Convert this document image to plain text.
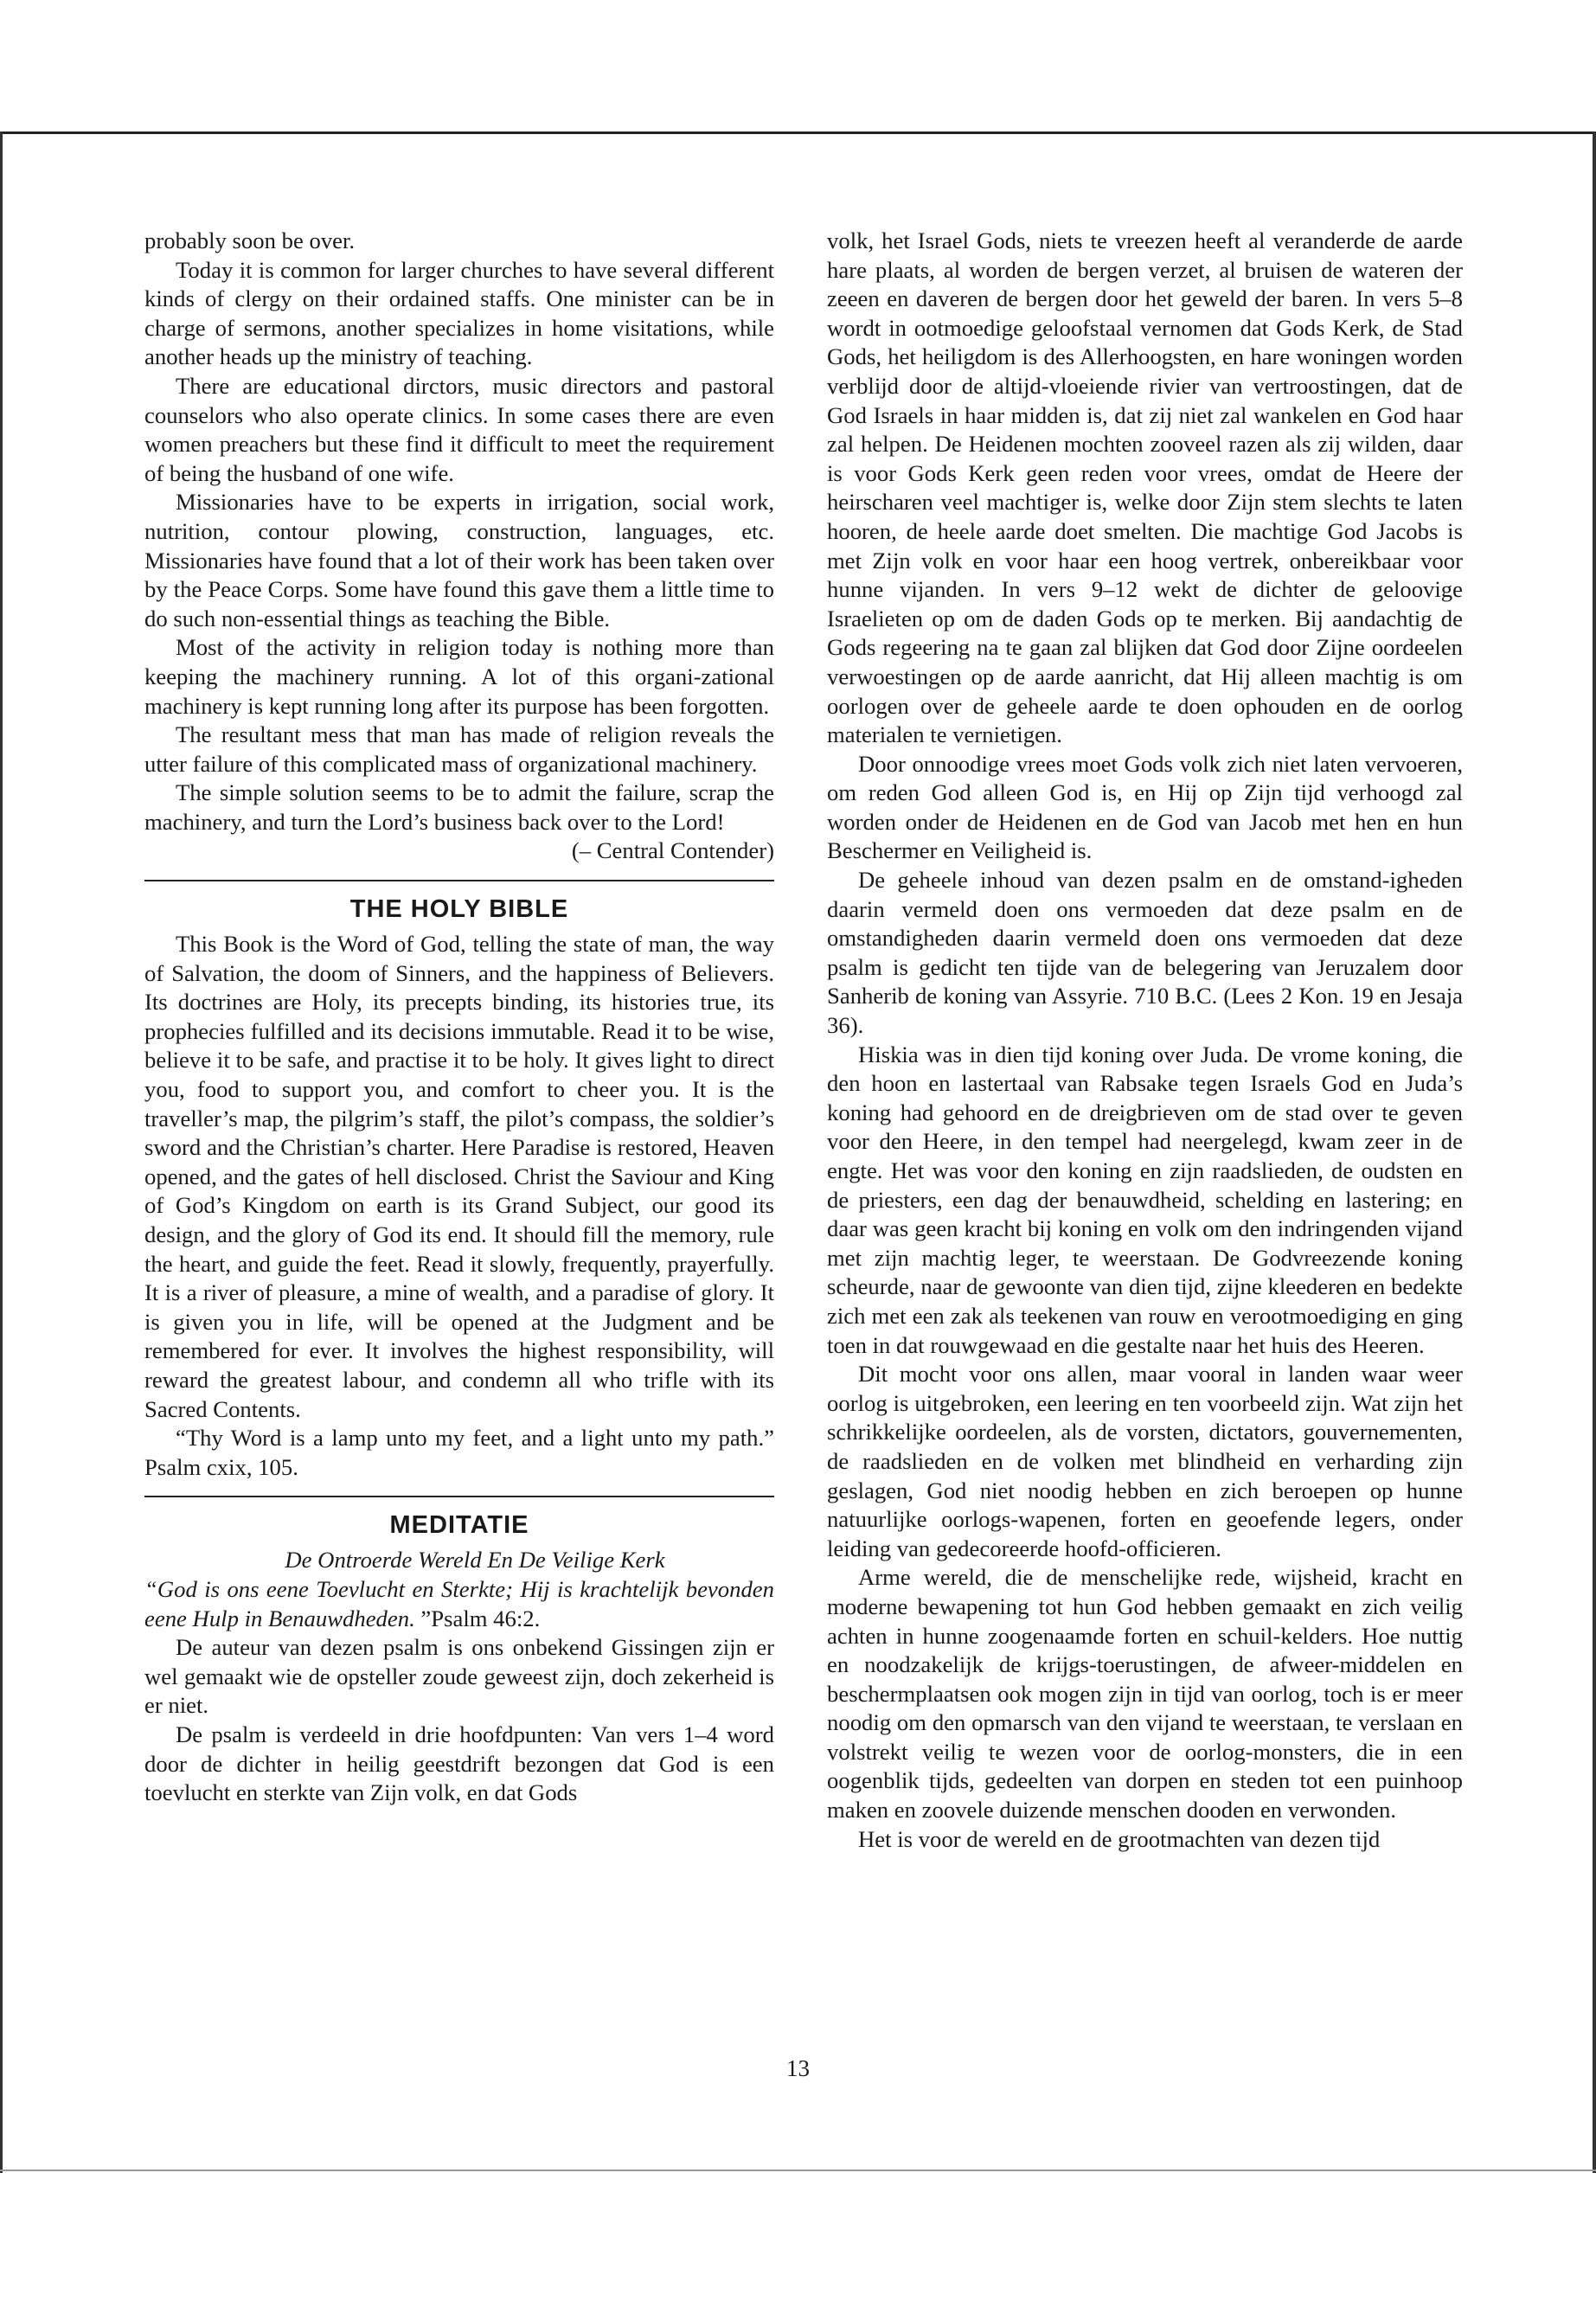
probably soon be over.

Today it is common for larger churches to have several different kinds of clergy on their ordained staffs. One minister can be in charge of sermons, another specializes in home visitations, while another heads up the ministry of teaching.

There are educational dirctors, music directors and pastoral counselors who also operate clinics. In some cases there are even women preachers but these find it difficult to meet the requirement of being the husband of one wife.

Missionaries have to be experts in irrigation, social work, nutrition, contour plowing, construction, languages, etc. Missionaries have found that a lot of their work has been taken over by the Peace Corps. Some have found this gave them a little time to do such non-essential things as teaching the Bible.

Most of the activity in religion today is nothing more than keeping the machinery running. A lot of this organi-zational machinery is kept running long after its purpose has been forgotten.

The resultant mess that man has made of religion reveals the utter failure of this complicated mass of organizational machinery.

The simple solution seems to be to admit the failure, scrap the machinery, and turn the Lord’s business back over to the Lord!

(– Central Contender)

THE HOLY BIBLE

This Book is the Word of God, telling the state of man, the way of Salvation, the doom of Sinners, and the happiness of Believers. Its doctrines are Holy, its precepts binding, its histories true, its prophecies fulfilled and its decisions immutable. Read it to be wise, believe it to be safe, and practise it to be holy. It gives light to direct you, food to support you, and comfort to cheer you. It is the traveller’s map, the pilgrim’s staff, the pilot’s compass, the soldier’s sword and the Christian’s charter. Here Paradise is restored, Heaven opened, and the gates of hell disclosed. Christ the Saviour and King of God’s Kingdom on earth is its Grand Subject, our good its design, and the glory of God its end. It should fill the memory, rule the heart, and guide the feet. Read it slowly, frequently, prayerfully. It is a river of pleasure, a mine of wealth, and a paradise of glory. It is given you in life, will be opened at the Judgment and be remembered for ever. It involves the highest responsibility, will reward the greatest labour, and condemn all who trifle with its Sacred Contents.

“Thy Word is a lamp unto my feet, and a light unto my path.” Psalm cxix, 105.

MEDITATIE

De Ontroerde Wereld En De Veilige Kerk

“God is ons eene Toevlucht en Sterkte; Hij is krachtelijk bevonden eene Hulp in Benauwdheden. ”Psalm 46:2.

De auteur van dezen psalm is ons onbekend Gissingen zijn er wel gemaakt wie de opsteller zoude geweest zijn, doch zekerheid is er niet.

De psalm is verdeeld in drie hoofdpunten: Van vers 1–4 word door de dichter in heilig geestdrift bezongen dat God is een toevlucht en sterkte van Zijn volk, en dat Gods

volk, het Israel Gods, niets te vreezen heeft al veranderde de aarde hare plaats, al worden de bergen verzet, al bruisen de wateren der zeeen en daveren de bergen door het geweld der baren. In vers 5–8 wordt in ootmoedige geloofstaal vernomen dat Gods Kerk, de Stad Gods, het heiligdom is des Allerhoogsten, en hare woningen worden verblijd door de altijd-vloeiende rivier van vertroostingen, dat de God Israels in haar midden is, dat zij niet zal wankelen en God haar zal helpen. De Heidenen mochten zooveel razen als zij wilden, daar is voor Gods Kerk geen reden voor vrees, omdat de Heere der heirscharen veel machtiger is, welke door Zijn stem slechts te laten hooren, de heele aarde doet smelten. Die machtige God Jacobs is met Zijn volk en voor haar een hoog vertrek, onbereikbaar voor hunne vijanden. In vers 9–12 wekt de dichter de geloovige Israelieten op om de daden Gods op te merken. Bij aandachtig de Gods regeering na te gaan zal blijken dat God door Zijne oordeelen verwoestingen op de aarde aanricht, dat Hij alleen machtig is om oorlogen over de geheele aarde te doen ophouden en de oorlog materialen te vernietigen.

Door onnoodige vrees moet Gods volk zich niet laten vervoeren, om reden God alleen God is, en Hij op Zijn tijd verhoogd zal worden onder de Heidenen en de God van Jacob met hen en hun Beschermer en Veiligheid is.

De geheele inhoud van dezen psalm en de omstand-igheden daarin vermeld doen ons vermoeden dat deze psalm en de omstandigheden daarin vermeld doen ons vermoeden dat deze psalm is gedicht ten tijde van de belegering van Jeruzalem door Sanherib de koning van Assyrie. 710 B.C. (Lees 2 Kon. 19 en Jesaja 36).

Hiskia was in dien tijd koning over Juda. De vrome koning, die den hoon en lastertaal van Rabsake tegen Israels God en Juda’s koning had gehoord en de dreigbrieven om de stad over te geven voor den Heere, in den tempel had neergelegd, kwam zeer in de engte. Het was voor den koning en zijn raadslieden, de oudsten en de priesters, een dag der benauwdheid, schelding en lastering; en daar was geen kracht bij koning en volk om den indringenden vijand met zijn machtig leger, te weerstaan. De Godvreezende koning scheurde, naar de gewoonte van dien tijd, zijne kleederen en bedekte zich met een zak als teekenen van rouw en verootmoediging en ging toen in dat rouwgewaad en die gestalte naar het huis des Heeren.

Dit mocht voor ons allen, maar vooral in landen waar weer oorlog is uitgebroken, een leering en ten voorbeeld zijn. Wat zijn het schrikkelijke oordeelen, als de vorsten, dictators, gouvernementen, de raadslieden en de volken met blindheid en verharding zijn geslagen, God niet noodig hebben en zich beroepen op hunne natuurlijke oorlogs-wapenen, forten en geoefende legers, onder leiding van gedecoreerde hoofd-officieren.

Arme wereld, die de menschelijke rede, wijsheid, kracht en moderne bewapening tot hun God hebben gemaakt en zich veilig achten in hunne zoogenaamde forten en schuil-kelders. Hoe nuttig en noodzakelijk de krijgs-toerustingen, de afweer-middelen en beschermplaatsen ook mogen zijn in tijd van oorlog, toch is er meer noodig om den opmarsch van den vijand te weerstaan, te verslaan en volstrekt veilig te wezen voor de oorlog-monsters, die in een oogenblik tijds, gedeelten van dorpen en steden tot een puinhoop maken en zoovele duizende menschen dooden en verwonden.

Het is voor de wereld en de grootmachten van dezen tijd

13
